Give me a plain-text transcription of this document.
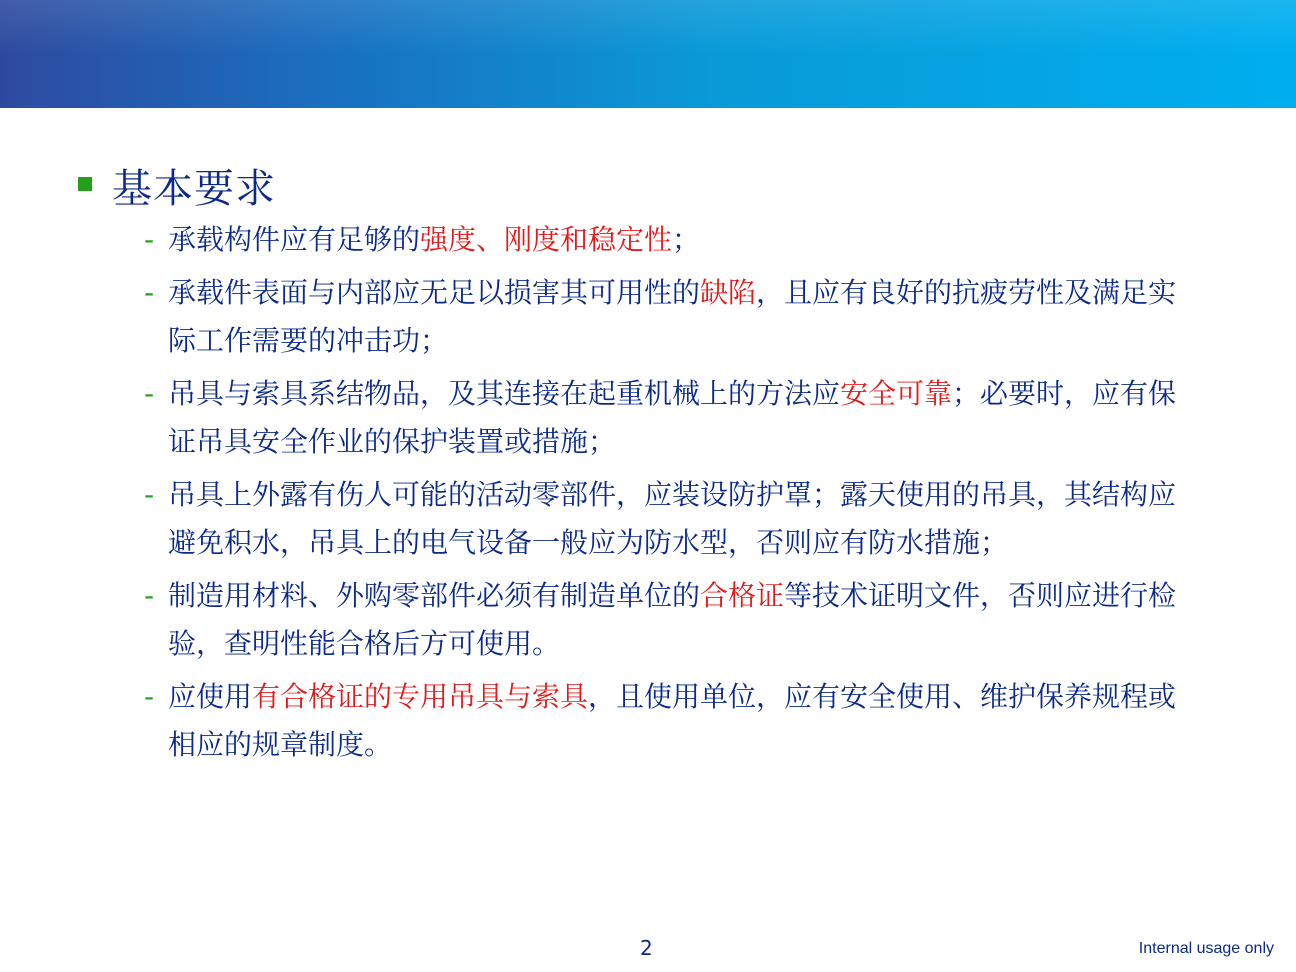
基本要求
- 承载构件应有足够的强度、刚度和稳定性；
- 承载件表面与内部应无足以损害其可用性的缺陷，且应有良好的抗疲劳性及满足实际工作需要的冲击功；
- 吊具与索具系结物品，及其连接在起重机械上的方法应安全可靠；必要时，应有保证吊具安全作业的保护装置或措施；
- 吊具上外露有伤人可能的活动零部件，应装设防护罩；露天使用的吊具，其结构应避免积水，吊具上的电气设备一般应为防水型，否则应有防水措施；
- 制造用材料、外购零部件必须有制造单位的合格证等技术证明文件，否则应进行检验，查明性能合格后方可使用。
- 应使用有合格证的专用吊具与索具，且使用单位，应有安全使用、维护保养规程或相应的规章制度。
2	Internal usage only
